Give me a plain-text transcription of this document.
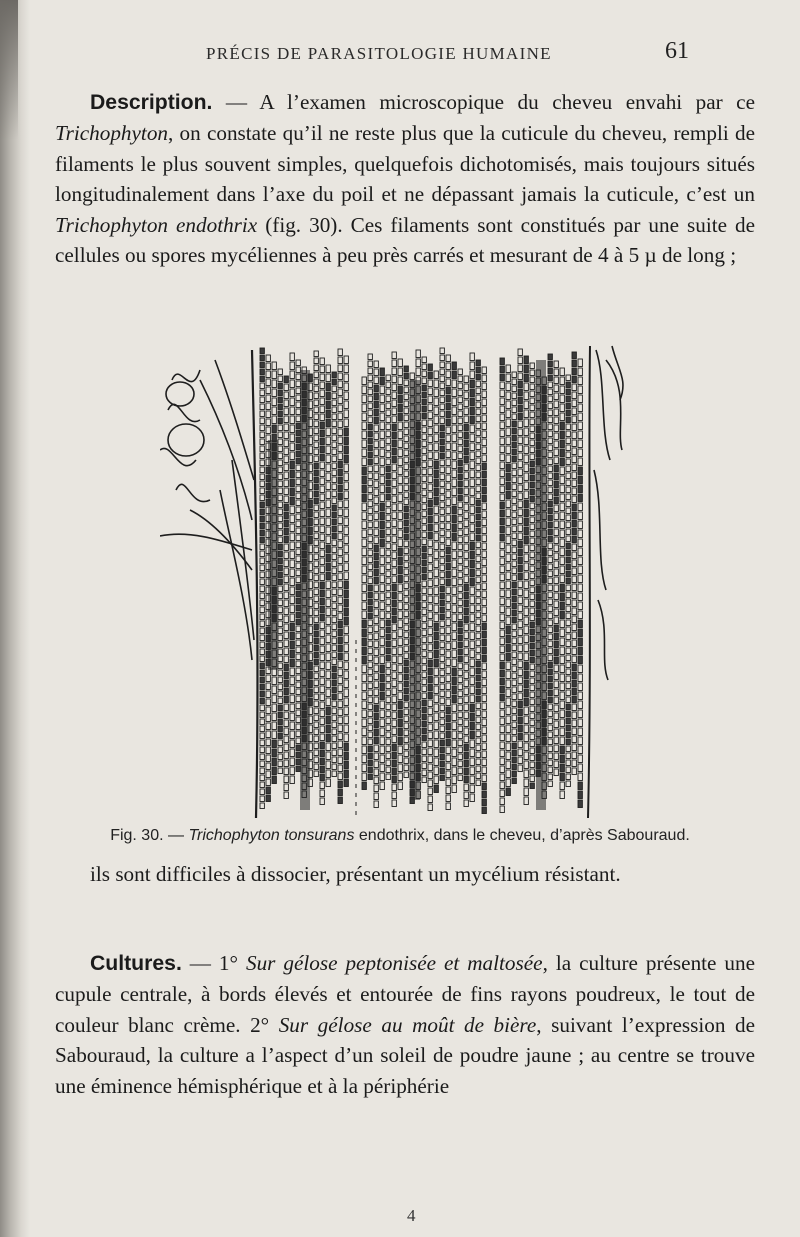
PRÉCIS DE PARASITOLOGIE HUMAINE	61

Description. — A l’examen microscopique du cheveu envahi par ce Trichophyton, on constate qu’il ne reste plus que la cuticule du cheveu, rempli de filaments le plus souvent simples, quelquefois dichotomisés, mais toujours situés longitudinalement dans l’axe du poil et ne dépassant jamais la cuticule, c’est un Trichophyton endothrix (fig. 30). Ces filaments sont constitués par une suite de cellules ou spores mycéliennes à peu près carrés et mesurant de 4 à 5 µ de long ;

Fig. 30. — Trichophyton tonsurans endothrix, dans le cheveu, d’après Sabouraud.

ils sont difficiles à dissocier, présentant un mycélium résistant.

Cultures. — 1° Sur gélose peptonisée et maltosée, la culture présente une cupule centrale, à bords élevés et entourée de fins rayons poudreux, le tout de couleur blanc crème. 2° Sur gélose au moût de bière, suivant l’expression de Sabouraud, la culture a l’aspect d’un soleil de poudre jaune ; au centre se trouve une éminence hémisphérique et à la périphérie

4
